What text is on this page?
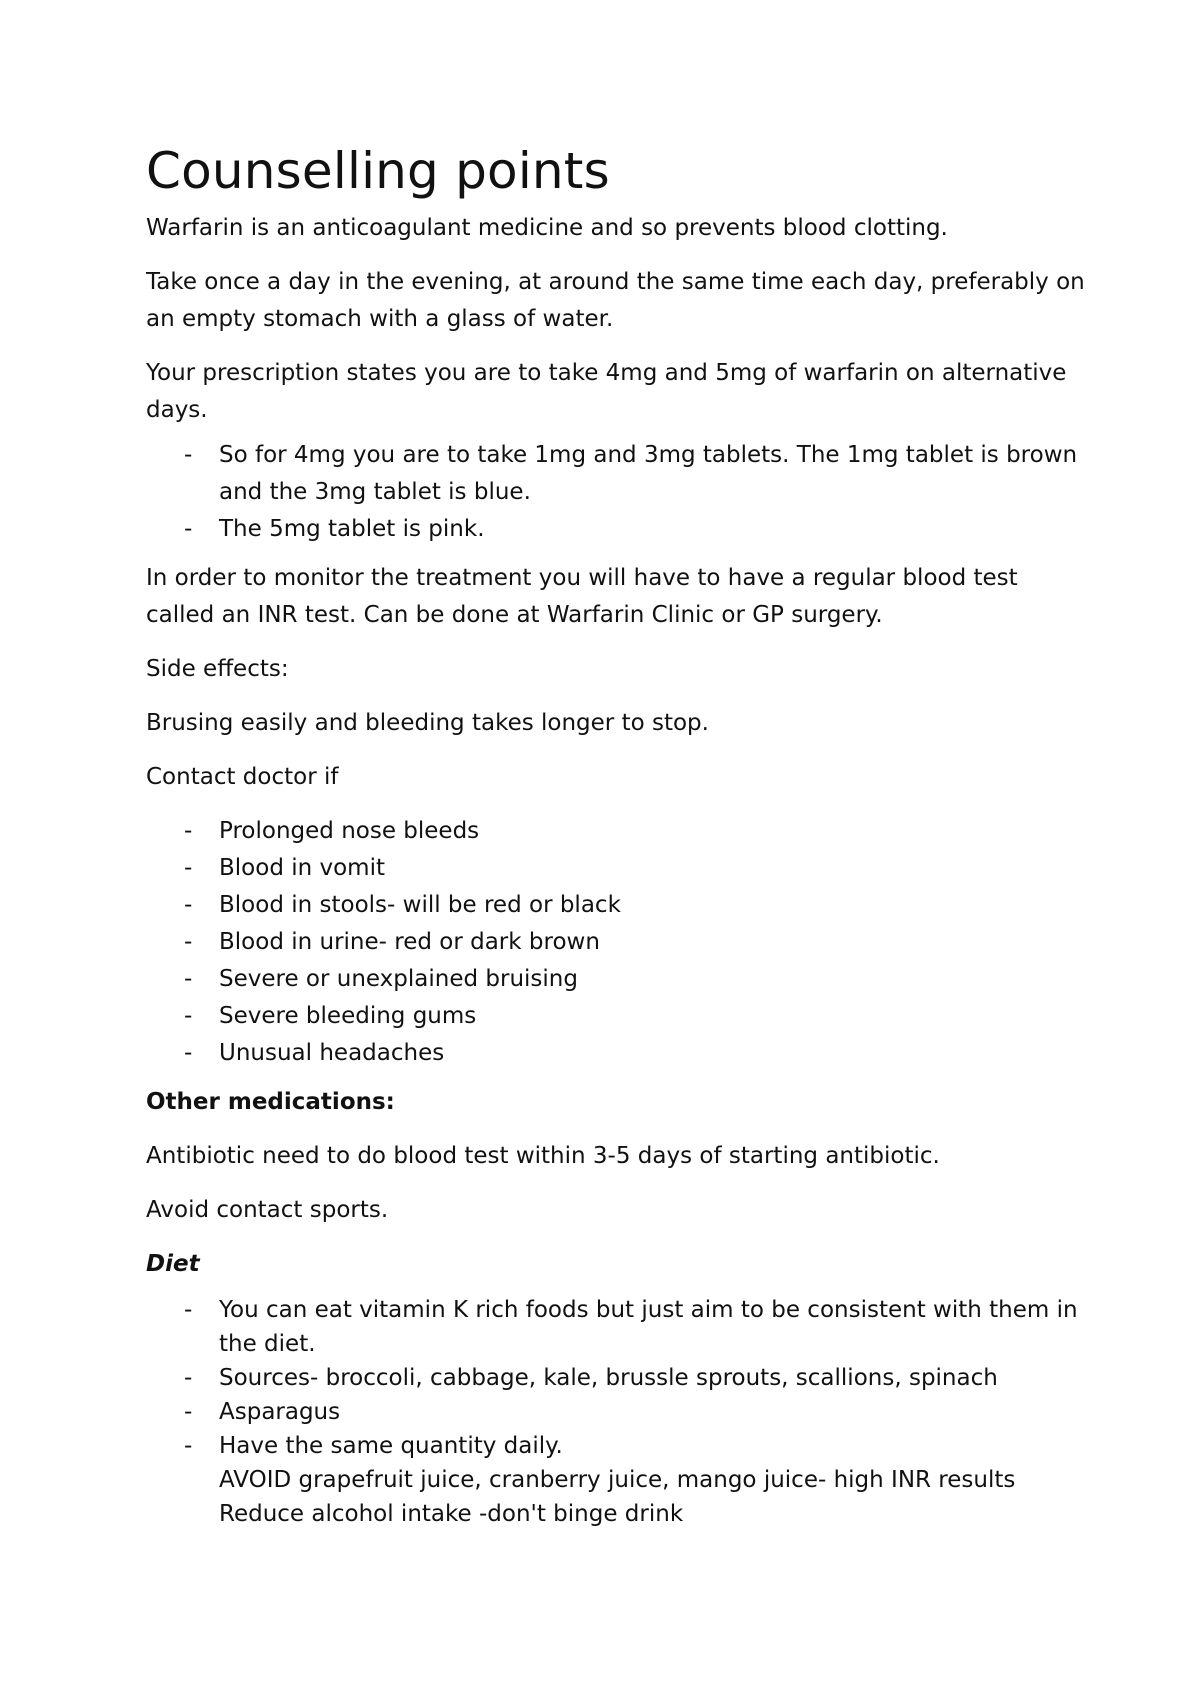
Counselling points

Warfarin is an anticoagulant medicine and so prevents blood clotting.

Take once a day in the evening, at around the same time each day, preferably on an empty stomach with a glass of water.

Your prescription states you are to take 4mg and 5mg of warfarin on alternative days.

- So for 4mg you are to take 1mg and 3mg tablets. The 1mg tablet is brown and the 3mg tablet is blue.
- The 5mg tablet is pink.

In order to monitor the treatment you will have to have a regular blood test called an INR test. Can be done at Warfarin Clinic or GP surgery.

Side effects:

Brusing easily and bleeding takes longer to stop.

Contact doctor if

- Prolonged nose bleeds
- Blood in vomit
- Blood in stools- will be red or black
- Blood in urine- red or dark brown
- Severe or unexplained bruising
- Severe bleeding gums
- Unusual headaches

Other medications:

Antibiotic need to do blood test within 3-5 days of starting antibiotic.

Avoid contact sports.

Diet

- You can eat vitamin K rich foods but just aim to be consistent with them in the diet.
- Sources- broccoli, cabbage, kale, brussle sprouts, scallions, spinach
- Asparagus
- Have the same quantity daily.
AVOID grapefruit juice, cranberry juice, mango juice- high INR results
Reduce alcohol intake -don't binge drink
